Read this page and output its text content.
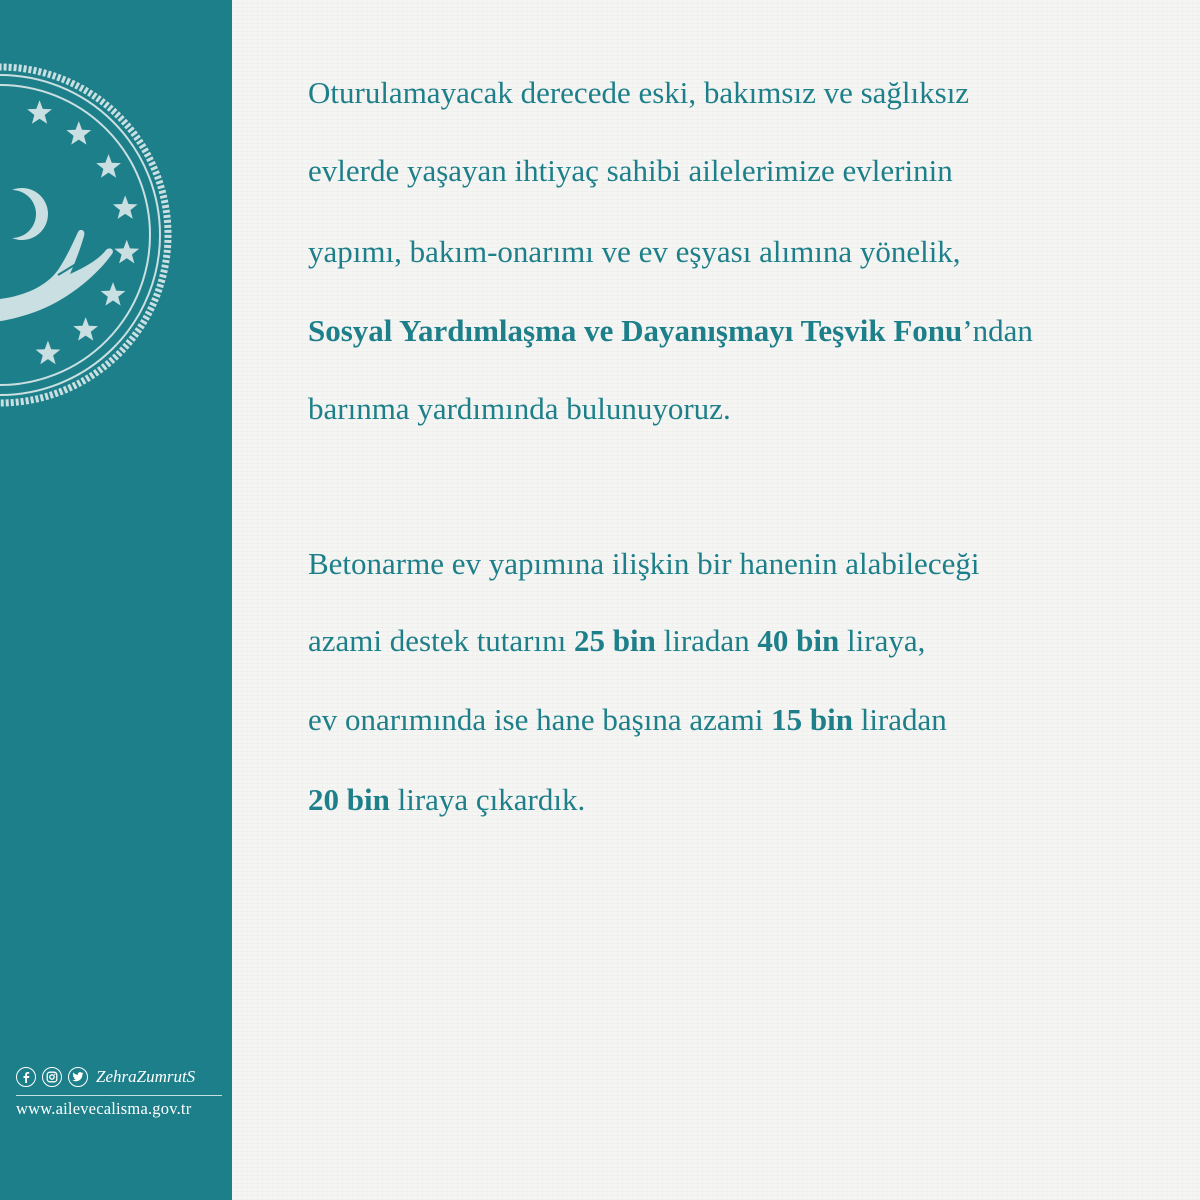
ZehraZumrutS
www.ailevecalisma.gov.tr
Oturulamayacak derecede eski, bakımsız ve sağlıksız
evlerde yaşayan ihtiyaç sahibi ailelerimize evlerinin
yapımı, bakım-onarımı ve ev eşyası alımına yönelik,
Sosyal Yardımlaşma ve Dayanışmayı Teşvik Fonu’ndan
barınma yardımında bulunuyoruz.
Betonarme ev yapımına ilişkin bir hanenin alabileceği
azami destek tutarını 25 bin liradan 40 bin liraya,
ev onarımında ise hane başına azami 15 bin liradan
20 bin liraya çıkardık.
